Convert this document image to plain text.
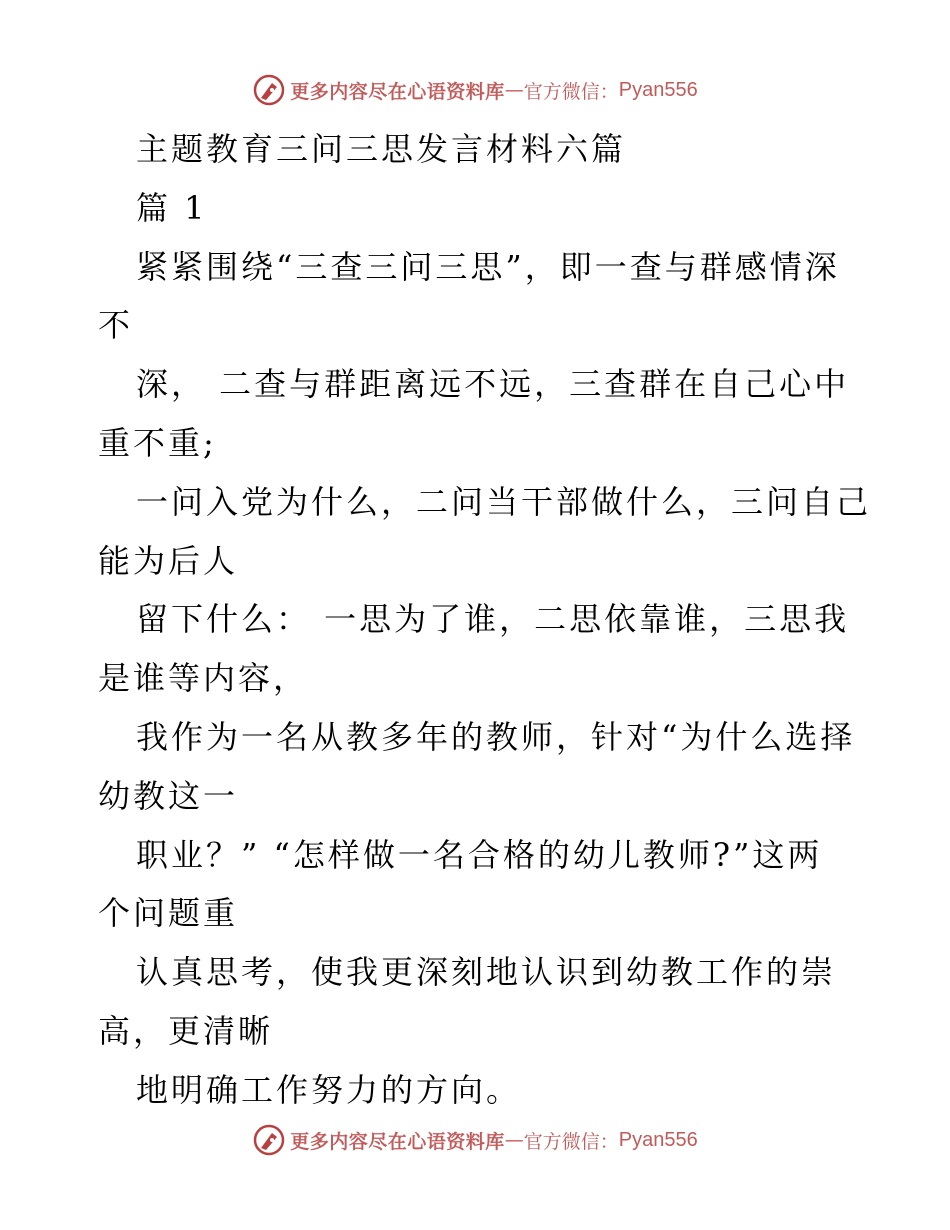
更多内容尽在心语资料库 — 官方微信： Pyan556
主题教育三问三思发言材料六篇
篇 1
紧紧围绕“三查三问三思”，即一查与群感情深
不
深， 二查与群距离远不远，三查群在自己心中
重不重;
一问入党为什么，二问当干部做什么，三问自己
能为后人
留下什么： 一思为了谁，二思依靠谁，三思我
是谁等内容，
我作为一名从教多年的教师，针对“为什么选择
幼教这一
职业？” “怎样做一名合格的幼儿教师?”这两
个问题重
认真思考，使我更深刻地认识到幼教工作的崇
高，更清晰
地明确工作努力的方向。
更多内容尽在心语资料库 — 官方微信： Pyan556
